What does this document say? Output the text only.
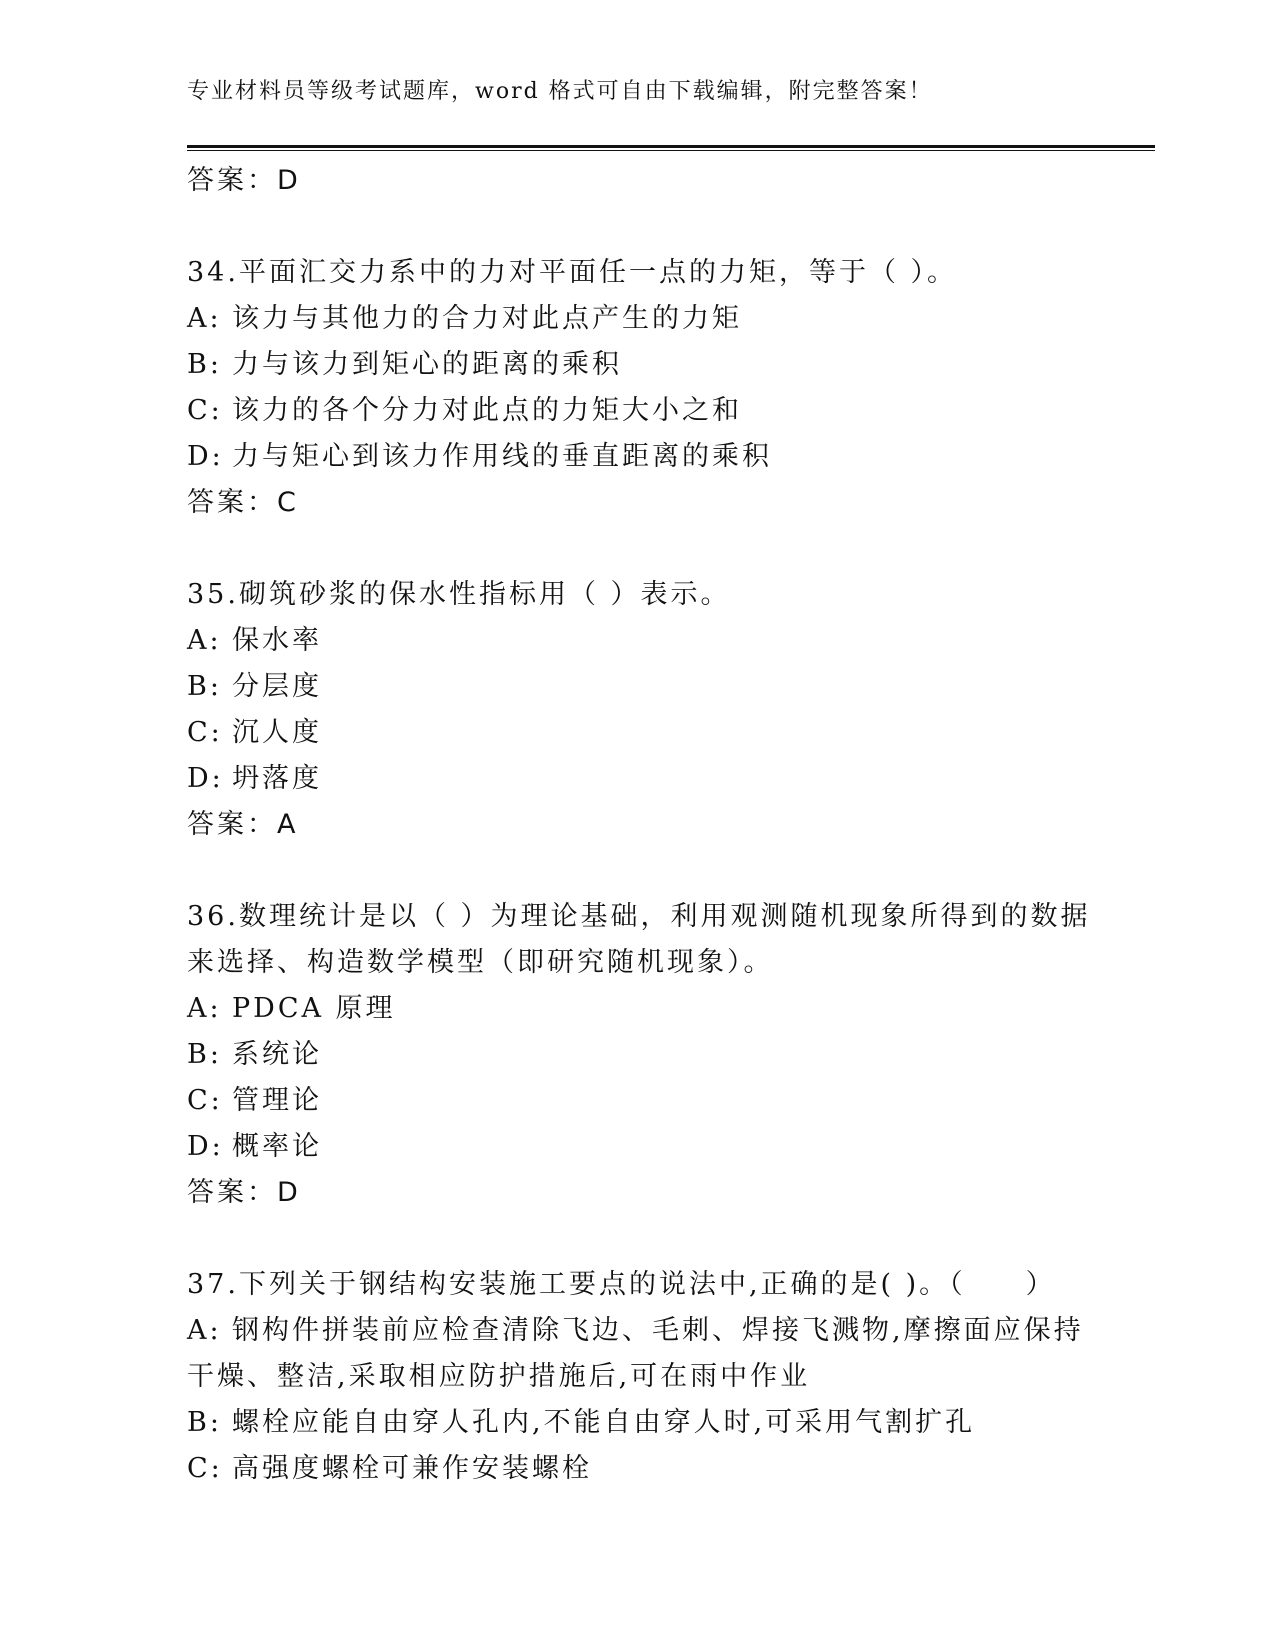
专业材料员等级考试题库，word 格式可自由下载编辑，附完整答案！
答案：D
34.平面汇交力系中的力对平面任一点的力矩，等于（ ）。
A: 该力与其他力的合力对此点产生的力矩
B: 力与该力到矩心的距离的乘积
C: 该力的各个分力对此点的力矩大小之和
D: 力与矩心到该力作用线的垂直距离的乘积
答案：C
35.砌筑砂浆的保水性指标用（ ）表示。
A: 保水率
B: 分层度
C: 沉人度
D: 坍落度
答案：A
36.数理统计是以（ ）为理论基础，利用观测随机现象所得到的数据
来选择、构造数学模型（即研究随机现象）。
A: PDCA 原理
B: 系统论
C: 管理论
D: 概率论
答案：D
37.下列关于钢结构安装施工要点的说法中,正确的是( )。（　　）
A: 钢构件拼装前应检查清除飞边、毛刺、焊接飞溅物,摩擦面应保持
干燥、整洁,采取相应防护措施后,可在雨中作业
B: 螺栓应能自由穿人孔内,不能自由穿人时,可采用气割扩孔
C: 高强度螺栓可兼作安装螺栓
